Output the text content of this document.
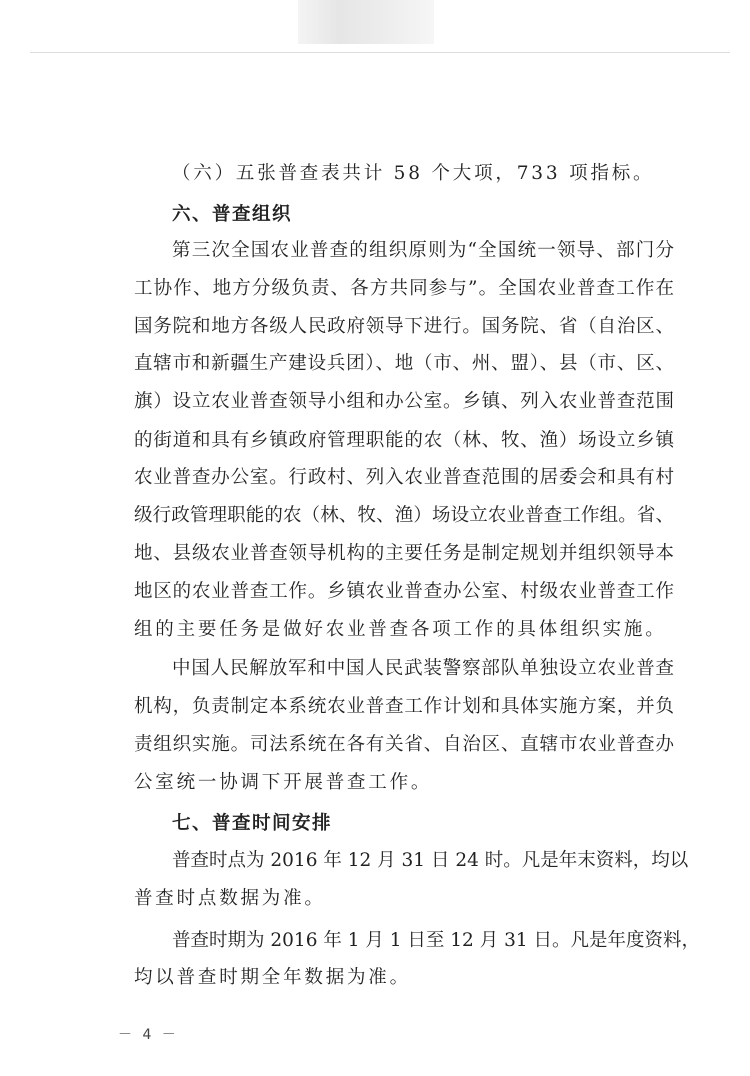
（六）五张普查表共计 58 个大项，733 项指标。
六、普查组织
第三次全国农业普查的组织原则为“全国统一领导、部门分
工协作、地方分级负责、各方共同参与”。全国农业普查工作在
国务院和地方各级人民政府领导下进行。国务院、省（自治区、
直辖市和新疆生产建设兵团）、地（市、州、盟）、县（市、区、
旗）设立农业普查领导小组和办公室。乡镇、列入农业普查范围
的街道和具有乡镇政府管理职能的农（林、牧、渔）场设立乡镇
农业普查办公室。行政村、列入农业普查范围的居委会和具有村
级行政管理职能的农（林、牧、渔）场设立农业普查工作组。省、
地、县级农业普查领导机构的主要任务是制定规划并组织领导本
地区的农业普查工作。乡镇农业普查办公室、村级农业普查工作
组的主要任务是做好农业普查各项工作的具体组织实施。
中国人民解放军和中国人民武装警察部队单独设立农业普查
机构，负责制定本系统农业普查工作计划和具体实施方案，并负
责组织实施。司法系统在各有关省、自治区、直辖市农业普查办
公室统一协调下开展普查工作。
七、普查时间安排
普查时点为 2016 年 12 月 31 日 24 时。凡是年末资料，均以
普查时点数据为准。
普查时期为 2016 年 1 月 1 日至 12 月 31 日。凡是年度资料，
均以普查时期全年数据为准。
－ 4 －
